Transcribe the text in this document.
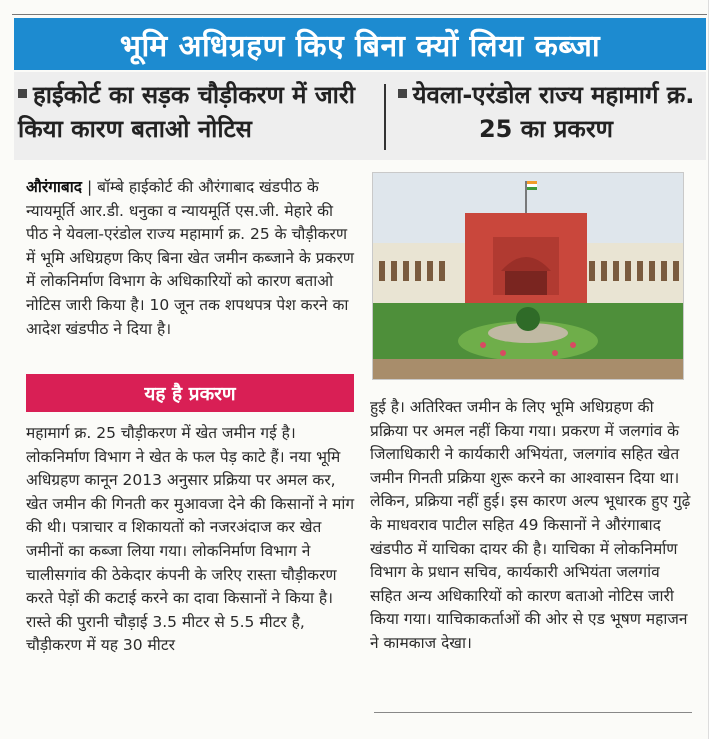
भूमि अधिग्रहण किए बिना क्यों लिया कब्जा
हाईकोर्ट का सड़क चौड़ीकरण में जारी किया कारण बताओ नोटिस
येवला-एरंडोल राज्य महामार्ग क्र. 25 का प्रकरण
औरंगाबाद | बॉम्बे हाईकोर्ट की औरंगाबाद खंडपीठ के न्यायमूर्ति आर.डी. धनुका व न्यायमूर्ति एस.जी. मेहारे की पीठ ने येवला-एरंडोल राज्य महामार्ग क्र. 25 के चौड़ीकरण में भूमि अधिग्रहण किए बिना खेत जमीन कब्जाने के प्रकरण में लोकनिर्माण विभाग के अधिकारियों को कारण बताओ नोटिस जारी किया है। 10 जून तक शपथपत्र पेश करने का आदेश खंडपीठ ने दिया है।
यह है प्रकरण
महामार्ग क्र. 25 चौड़ीकरण में खेत जमीन गई है। लोकनिर्माण विभाग ने खेत के फल पेड़ काटे हैं। नया भूमि अधिग्रहण कानून 2013 अनुसार प्रक्रिया पर अमल कर, खेत जमीन की गिनती कर मुआवजा देने की किसानों ने मांग की थी। पत्राचार व शिकायतों को नजरअंदाज कर खेत जमीनों का कब्जा लिया गया। लोकनिर्माण विभाग ने चालीसगांव की ठेकेदार कंपनी के जरिए रास्ता चौड़ीकरण करते पेड़ों की कटाई करने का दावा किसानों ने किया है। रास्ते की पुरानी चौड़ाई 3.5 मीटर से 5.5 मीटर है, चौड़ीकरण में यह 30 मीटर
हुई है। अतिरिक्त जमीन के लिए भूमि अधिग्रहण की प्रक्रिया पर अमल नहीं किया गया। प्रकरण में जलगांव के जिलाधिकारी ने कार्यकारी अभियंता, जलगांव सहित खेत जमीन गिनती प्रक्रिया शुरू करने का आश्वासन दिया था। लेकिन, प्रक्रिया नहीं हुई। इस कारण अल्प भूधारक हुए गुढ़े के माधवराव पाटील सहित 49 किसानों ने औरंगाबाद खंडपीठ में याचिका दायर की है। याचिका में लोकनिर्माण विभाग के प्रधान सचिव, कार्यकारी अभियंता जलगांव सहित अन्य अधिकारियों को कारण बताओ नोटिस जारी किया गया। याचिकाकर्ताओं की ओर से एड भूषण महाजन ने कामकाज देखा।
